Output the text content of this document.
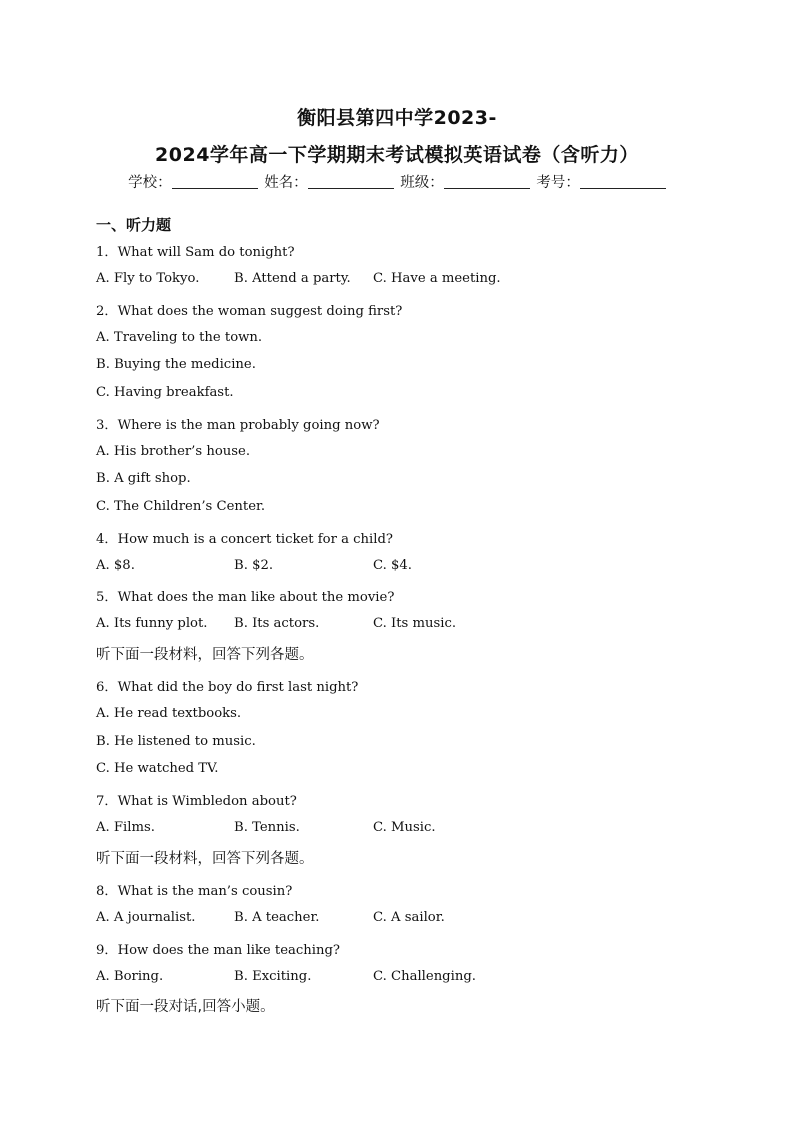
衡阳县第四中学2023-
2024学年高一下学期期末考试模拟英语试卷（含听力）
学校：	姓名：	班级：	考号：
一、听力题
1．What will Sam do tonight?
A. Fly to Tokyo.	B. Attend a party. C. Have a meeting.
2．What does the woman suggest doing first?
A. Traveling to the town.
B. Buying the medicine.
C. Having breakfast.
3．Where is the man probably going now?
A. His brother’s house.
B. A gift shop.
C. The Children’s Center.
4．How much is a concert ticket for a child?
A. $8.	B. $2.	C. $4.
5．What does the man like about the movie?
A. Its funny plot. B. Its actors.	C. Its music.
听下面一段材料，回答下列各题。
6．What did the boy do first last night?
A. He read textbooks.
B. He listened to music.
C. He watched TV.
7．What is Wimbledon about?
A. Films.	B. Tennis.	C. Music.
听下面一段材料，回答下列各题。
8．What is the man’s cousin?
A. A journalist.	B. A teacher.	C. A sailor.
9．How does the man like teaching?
A. Boring.	B. Exciting.	C. Challenging.
听下面一段对话,回答小题。
